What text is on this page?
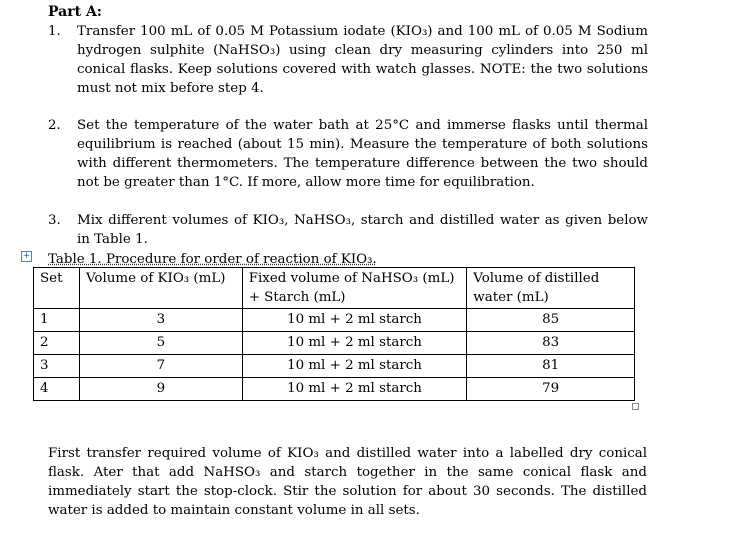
Part A:
1.	Transfer 100 mL of 0.05 M Potassium iodate (KIO₃) and 100 mL of 0.05 M Sodium hydrogen sulphite (NaHSO₃) using clean dry measuring cylinders into 250 ml conical flasks. Keep solutions covered with watch glasses. NOTE: the two solutions must not mix before step 4.
2.	Set the temperature of the water bath at 25°C and immerse flasks until thermal equilibrium is reached (about 15 min). Measure the temperature of both solutions with different thermometers. The temperature difference between the two should not be greater than 1°C. If more, allow more time for equilibration.
3.	Mix different volumes of KIO₃, NaHSO₃, starch and distilled water as given below in Table 1.
+ Table 1. Procedure for order of reaction of KIO₃.
Set	Volume of KIO₃ (mL)	Fixed volume of NaHSO₃ (mL) + Starch (mL)	Volume of distilled water (mL)
1	3	10 ml + 2 ml starch	85
2	5	10 ml + 2 ml starch	83
3	7	10 ml + 2 ml starch	81
4	9	10 ml + 2 ml starch	79
First transfer required volume of KIO₃ and distilled water into a labelled dry conical flask. Ater that add NaHSO₃ and starch together in the same conical flask and immediately start the stop-clock. Stir the solution for about 30 seconds. The distilled water is added to maintain constant volume in all sets.
